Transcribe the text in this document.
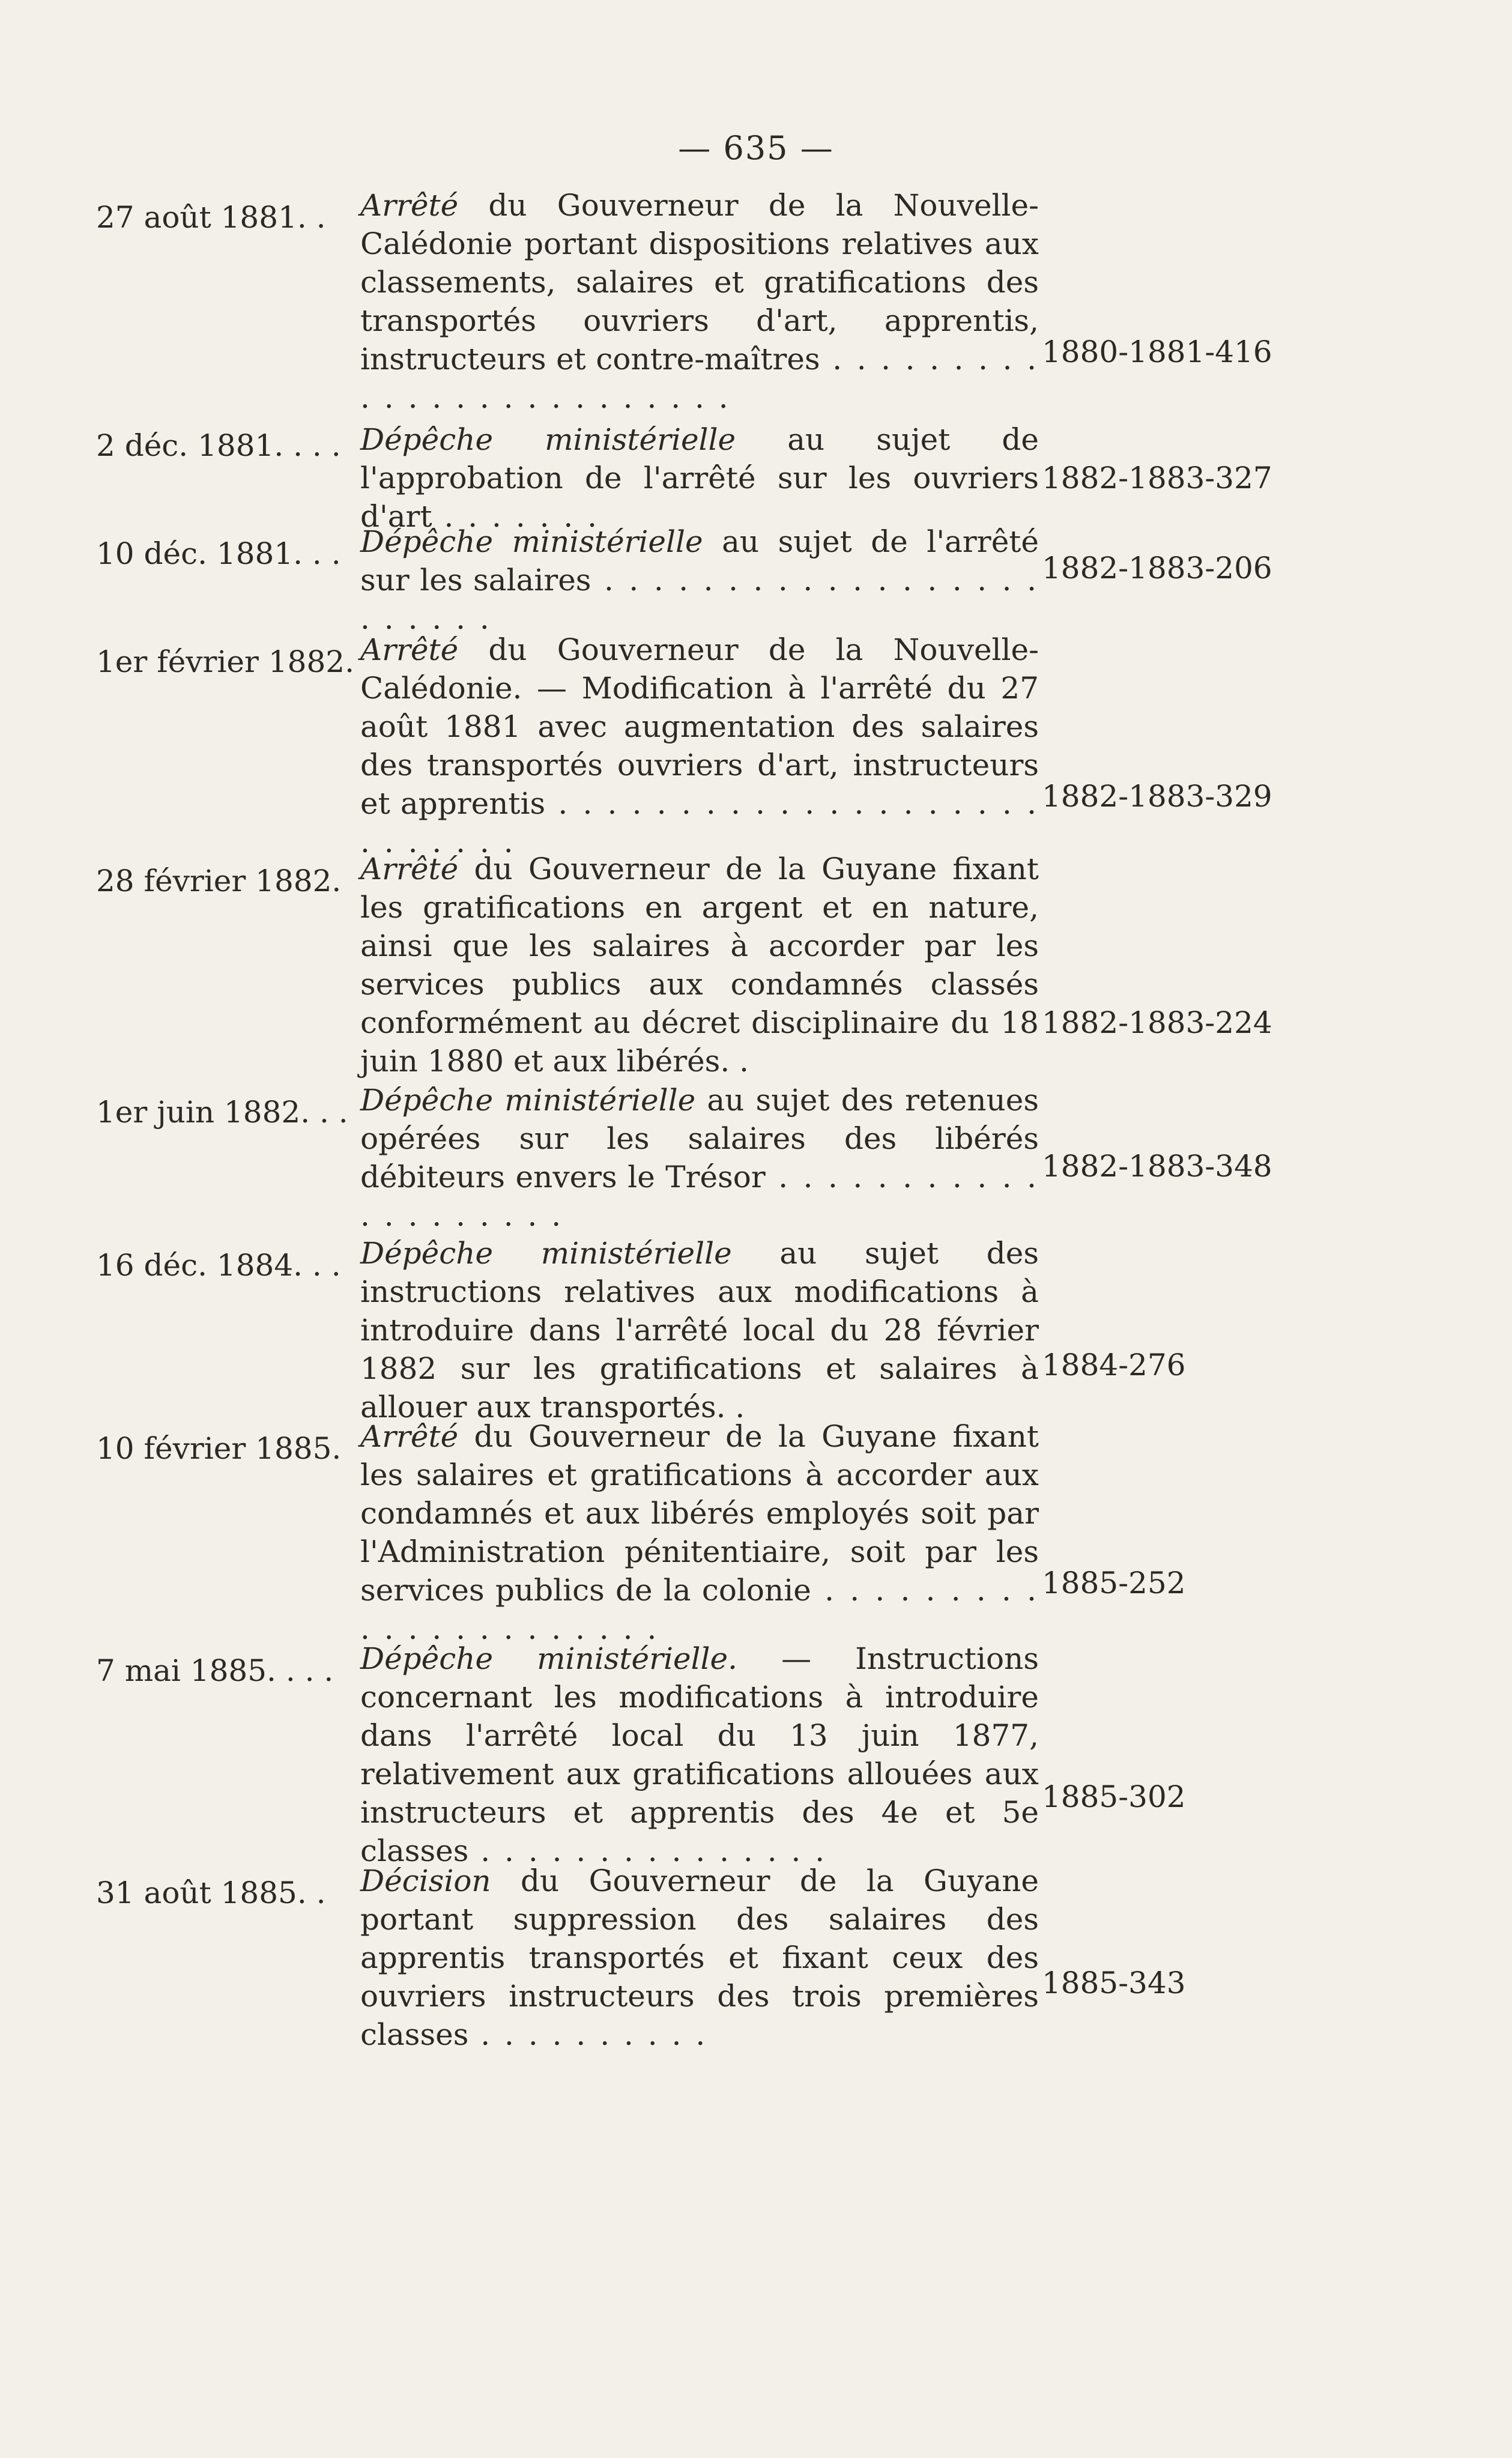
— 635 —
27 août 1881. .	Arrêté du Gouverneur de la Nouvelle-Calédonie portant dispositions relatives aux classements, salaires et gratifications des transportés ouvriers d'art, apprentis, instructeurs et contre-maîtres . . . . . . . . . . . . . . . . . . . . . . . . .
1880-1881-416
2 déc. 1881. . . . Dépêche ministérielle au sujet de l'approbation de l'arrêté sur les ouvriers d'art . . . . . . .
1882-1883-327
10 déc. 1881. . . Dépêche ministérielle au sujet de l'arrêté sur les salaires . . . . . . . . . . . . . . . . . . . . . . . .
1882-1883-206
1er février 1882. Arrêté du Gouverneur de la Nouvelle-Calédonie. — Modification à l'arrêté du 27 août 1881 avec augmentation des salaires des transportés ouvriers d'art, instructeurs et apprentis . . . . . . . . . . . . . . . . . . . . . . . . . . .
1882-1883-329
28 février 1882. Arrêté du Gouverneur de la Guyane fixant les gratifications en argent et en nature, ainsi que les salaires à accorder par les services publics aux condamnés classés conformément au décret disciplinaire du 18 juin 1880 et aux libérés. .
1882-1883-224
1er juin 1882. . . Dépêche ministérielle au sujet des retenues opérées sur les salaires des libérés débiteurs envers le Trésor . . . . . . . . . . . . . . . . . . . .
1882-1883-348
16 déc. 1884. . . Dépêche ministérielle au sujet des instructions relatives aux modifications à introduire dans l'arrêté local du 28 février 1882 sur les gratifications et salaires à allouer aux transportés. .
1884-276
10 février 1885. Arrêté du Gouverneur de la Guyane fixant les salaires et gratifications à accorder aux condamnés et aux libérés employés soit par l'Administration pénitentiaire, soit par les services publics de la colonie . . . . . . . . . . . . . . . . . . . . . .
1885-252
7 mai 1885. . . . Dépêche ministérielle. — Instructions concernant les modifications à introduire dans l'arrêté local du 13 juin 1877, relativement aux gratifications allouées aux instructeurs et apprentis des 4e et 5e classes . . . . . . . . . . . . . . .
1885-302
31 août 1885. .	Décision du Gouverneur de la Guyane portant suppression des salaires des apprentis transportés et fixant ceux des ouvriers instructeurs des trois premières classes . . . . . . . . . .
1885-343
